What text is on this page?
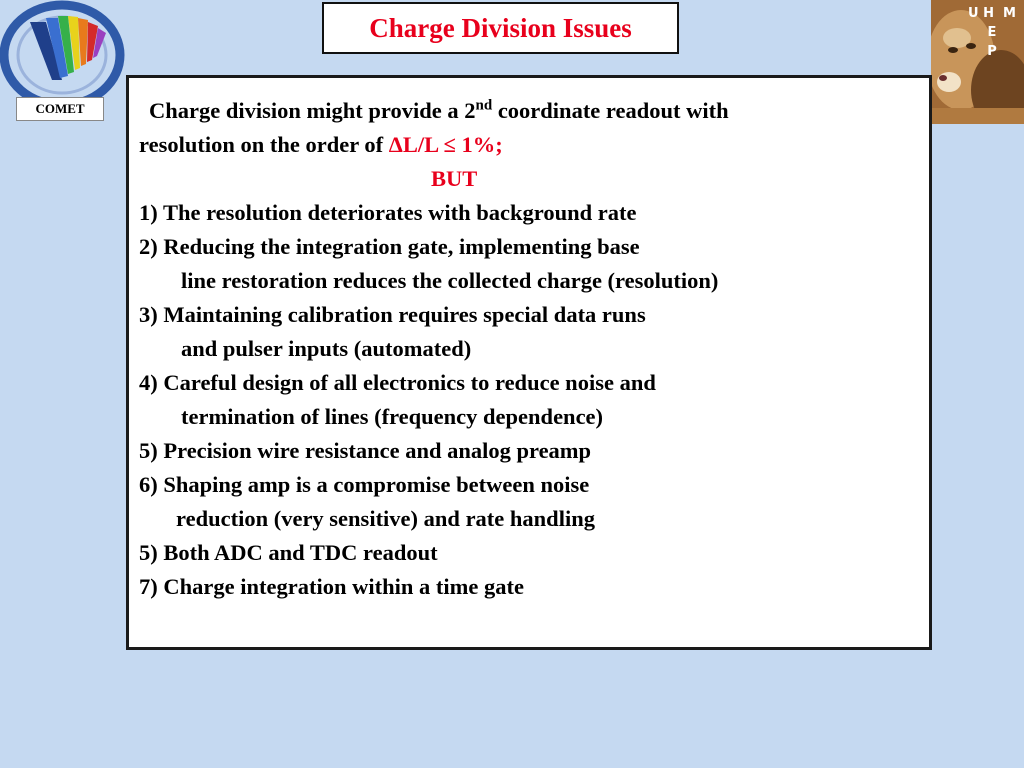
COMET
Charge Division Issues	U H M
E
P
Charge division might provide a 2nd coordinate readout with
resolution on the order of ΔL/L ≤ 1%;
BUT
1) The resolution deteriorates with background rate
2) Reducing the integration gate, implementing base
line restoration reduces the collected charge (resolution)
3) Maintaining calibration requires special data runs
and pulser inputs (automated)
4) Careful design of all electronics to reduce noise and
termination of lines (frequency dependence)
5) Precision wire resistance and analog preamp
6) Shaping amp is a compromise between noise
reduction (very sensitive) and rate handling
5) Both ADC and TDC readout
7) Charge integration within a time gate
